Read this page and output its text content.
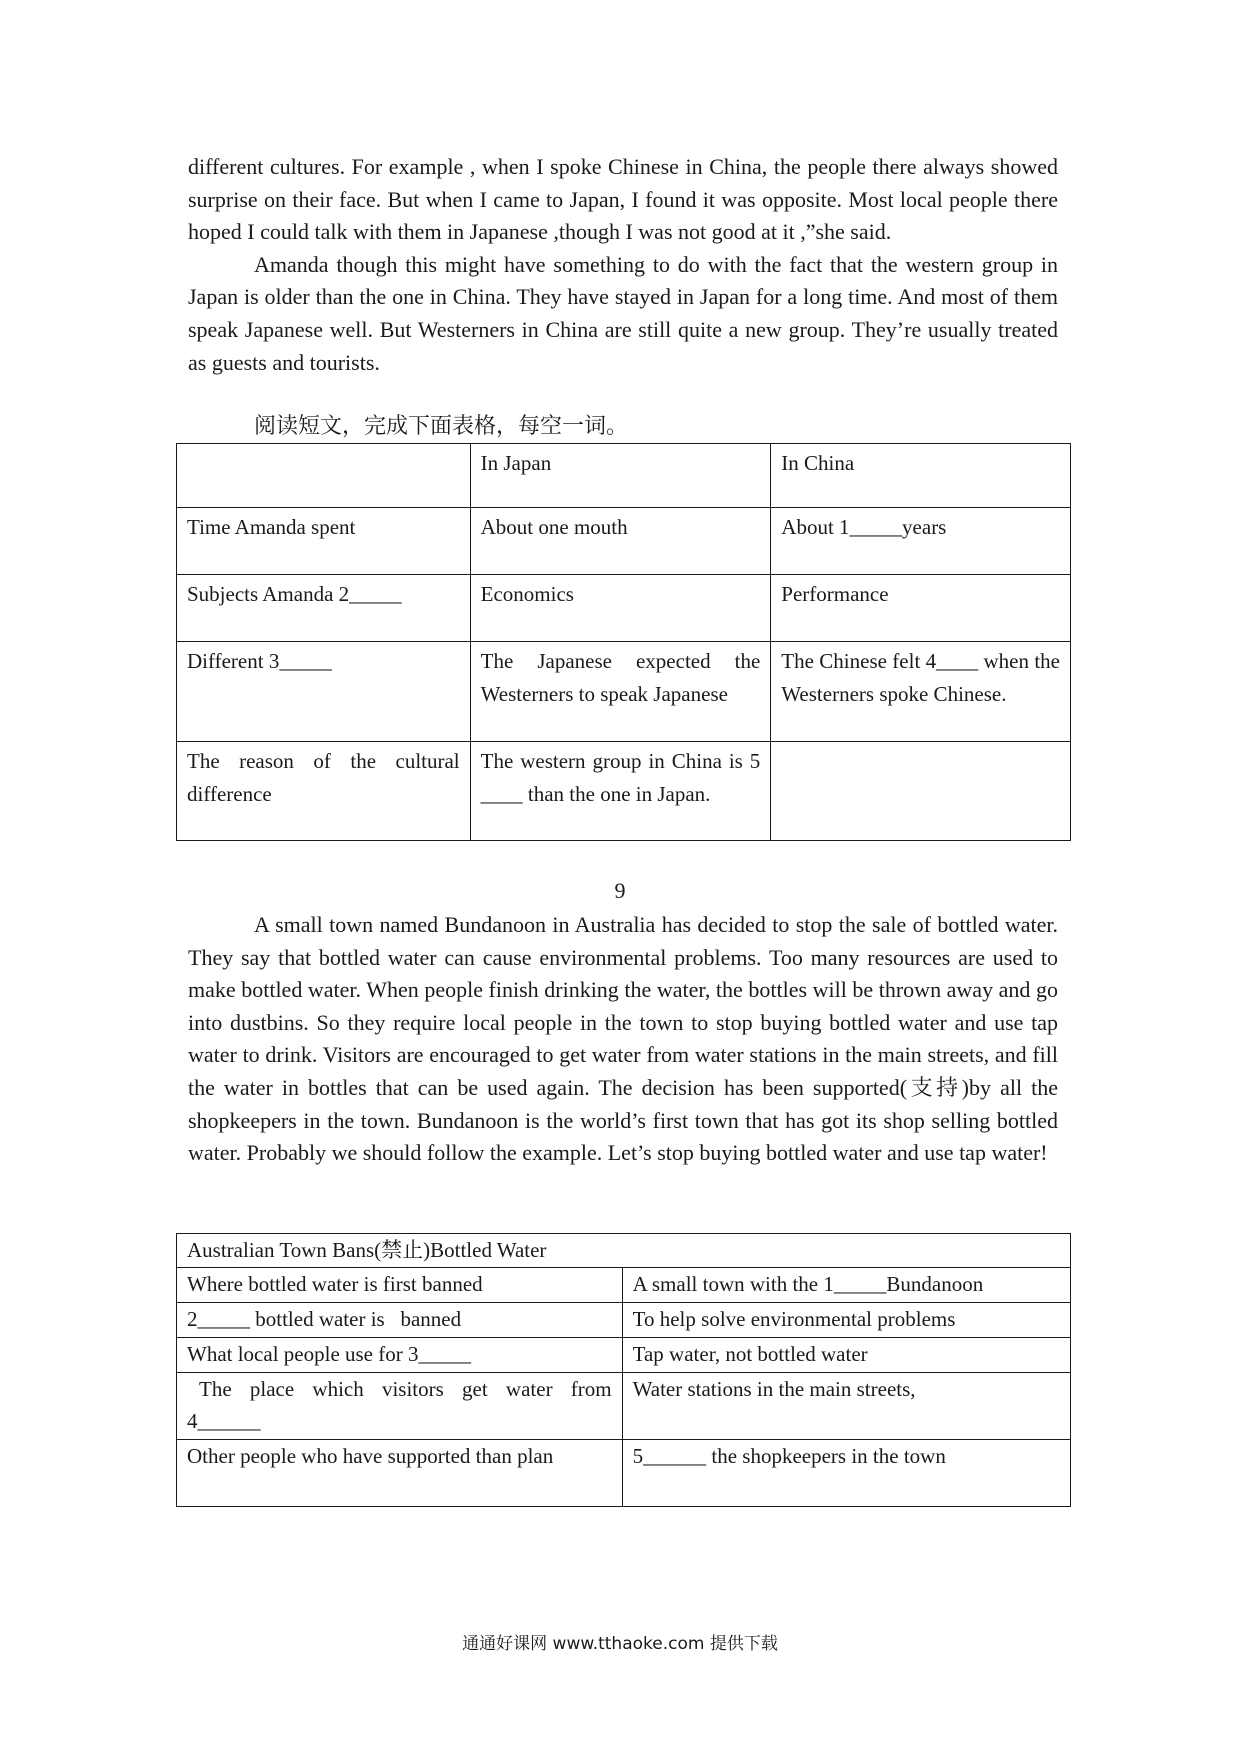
different cultures. For example , when I spoke Chinese in China, the people there always showed surprise on their face. But when I came to Japan, I found it was opposite. Most local people there hoped I could talk with them in Japanese ,though I was not good at it ,”she said.

Amanda though this might have something to do with the fact that the western group in Japan is older than the one in China. They have stayed in Japan for a long time. And most of them speak Japanese well. But Westerners in China are still quite a new group. They’re usually treated as guests and tourists.

阅读短文，完成下面表格，每空一词。
	In Japan	In China
Time Amanda spent	About one mouth	About 1_____years
Subjects Amanda 2_____	Economics	Performance
Different 3_____	The Japanese expected the Westerners to speak Japanese	The Chinese felt 4____ when the Westerners spoke Chinese.
The reason of the cultural difference	The western group in China is 5 ____ than the one in Japan.	
9

A small town named Bundanoon in Australia has decided to stop the sale of bottled water. They say that bottled water can cause environmental problems. Too many resources are used to make bottled water. When people finish drinking the water, the bottles will be thrown away and go into dustbins. So they require local people in the town to stop buying bottled water and use tap water to drink. Visitors are encouraged to get water from water stations in the main streets, and fill the water in bottles that can be used again. The decision has been supported(支持)by all the shopkeepers in the town. Bundanoon is the world’s first town that has got its shop selling bottled water. Probably we should follow the example. Let’s stop buying bottled water and use tap water!

Australian Town Bans(禁止)Bottled Water	
Where bottled water is first banned	A small town with the 1_____Bundanoon
2_____ bottled water is   banned	To help solve environmental problems
What local people use for 3_____	Tap water, not bottled water
The place which visitors get water from 4______	Water stations in the main streets,
Other people who have supported than plan	5______ the shopkeepers in the town
通通好课网 www.tthaoke.com 提供下载
